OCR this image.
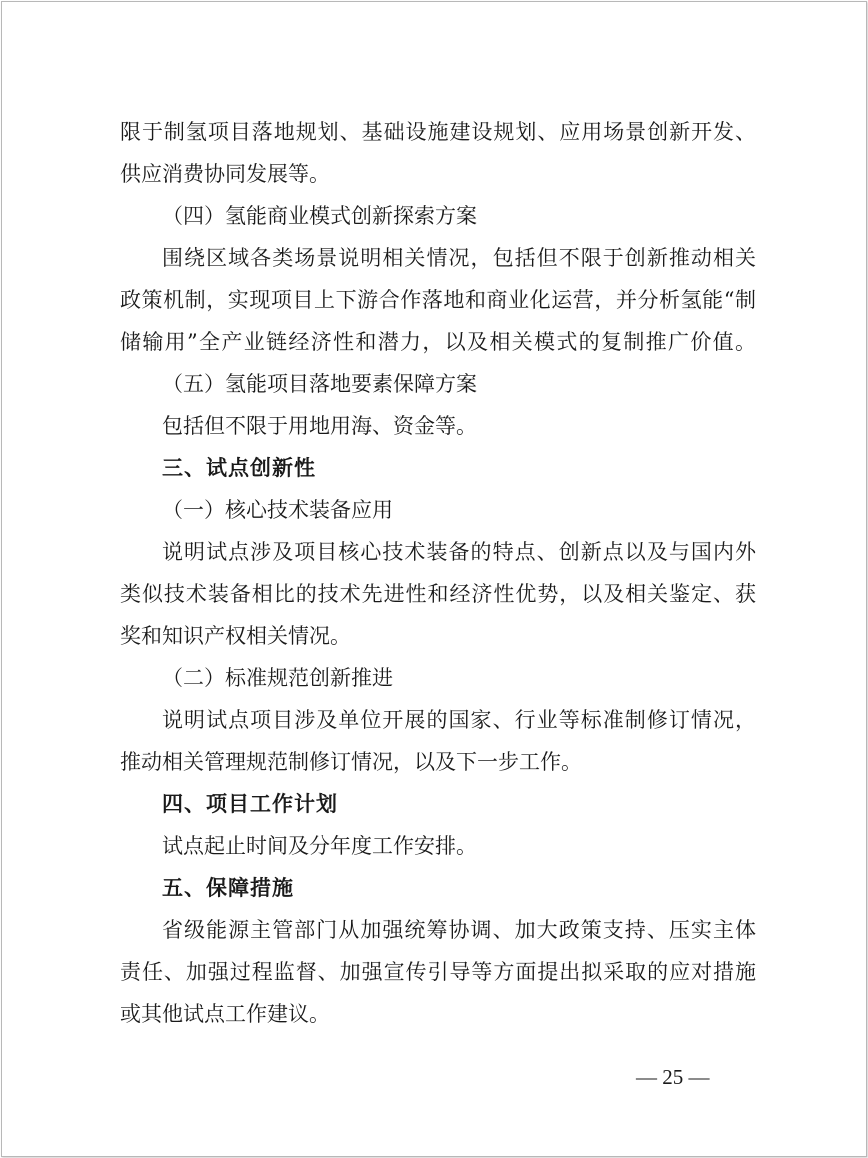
限于制氢项目落地规划、基础设施建设规划、应用场景创新开发、
供应消费协同发展等。
（四）氢能商业模式创新探索方案
围绕区域各类场景说明相关情况，包括但不限于创新推动相关
政策机制，实现项目上下游合作落地和商业化运营，并分析氢能“制
储输用”全产业链经济性和潜力，以及相关模式的复制推广价值。
（五）氢能项目落地要素保障方案
包括但不限于用地用海、资金等。
三、试点创新性
（一）核心技术装备应用
说明试点涉及项目核心技术装备的特点、创新点以及与国内外
类似技术装备相比的技术先进性和经济性优势，以及相关鉴定、获
奖和知识产权相关情况。
（二）标准规范创新推进
说明试点项目涉及单位开展的国家、行业等标准制修订情况，
推动相关管理规范制修订情况，以及下一步工作。
四、项目工作计划
试点起止时间及分年度工作安排。
五、保障措施
省级能源主管部门从加强统筹协调、加大政策支持、压实主体
责任、加强过程监督、加强宣传引导等方面提出拟采取的应对措施
或其他试点工作建议。
— 25 —
